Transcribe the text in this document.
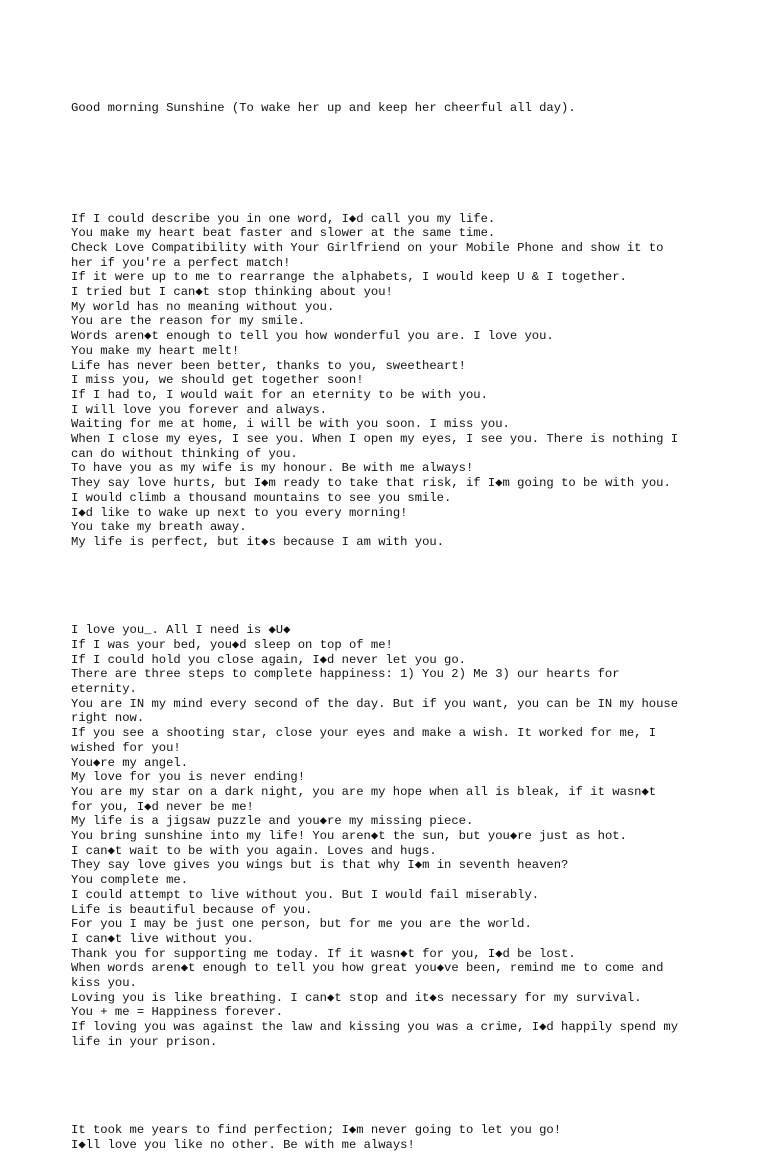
Good morning Sunshine (To wake her up and keep her cheerful all day).

If I could describe you in one word, I◆d call you my life.
You make my heart beat faster and slower at the same time.
Check Love Compatibility with Your Girlfriend on your Mobile Phone and show it to
her if you're a perfect match!
If it were up to me to rearrange the alphabets, I would keep U & I together.
I tried but I can◆t stop thinking about you!
My world has no meaning without you.
You are the reason for my smile.
Words aren◆t enough to tell you how wonderful you are. I love you.
You make my heart melt!
Life has never been better, thanks to you, sweetheart!
I miss you, we should get together soon!
If I had to, I would wait for an eternity to be with you.
I will love you forever and always.
Waiting for me at home, i will be with you soon. I miss you.
When I close my eyes, I see you. When I open my eyes, I see you. There is nothing I
can do without thinking of you.
To have you as my wife is my honour. Be with me always!
They say love hurts, but I◆m ready to take that risk, if I◆m going to be with you.
I would climb a thousand mountains to see you smile.
I◆d like to wake up next to you every morning!
You take my breath away.
My life is perfect, but it◆s because I am with you.

I love you_. All I need is ◆U◆
If I was your bed, you◆d sleep on top of me!
If I could hold you close again, I◆d never let you go.
There are three steps to complete happiness: 1) You 2) Me 3) our hearts for
eternity.
You are IN my mind every second of the day. But if you want, you can be IN my house
right now.
If you see a shooting star, close your eyes and make a wish. It worked for me, I
wished for you!
You◆re my angel.
My love for you is never ending!
You are my star on a dark night, you are my hope when all is bleak, if it wasn◆t
for you, I◆d never be me!
My life is a jigsaw puzzle and you◆re my missing piece.
You bring sunshine into my life! You aren◆t the sun, but you◆re just as hot.
I can◆t wait to be with you again. Loves and hugs.
They say love gives you wings but is that why I◆m in seventh heaven?
You complete me.
I could attempt to live without you. But I would fail miserably.
Life is beautiful because of you.
For you I may be just one person, but for me you are the world.
I can◆t live without you.
Thank you for supporting me today. If it wasn◆t for you, I◆d be lost.
When words aren◆t enough to tell you how great you◆ve been, remind me to come and
kiss you.
Loving you is like breathing. I can◆t stop and it◆s necessary for my survival.
You + me = Happiness forever.
If loving you was against the law and kissing you was a crime, I◆d happily spend my
life in your prison.

It took me years to find perfection; I◆m never going to let you go!
I◆ll love you like no other. Be with me always!
